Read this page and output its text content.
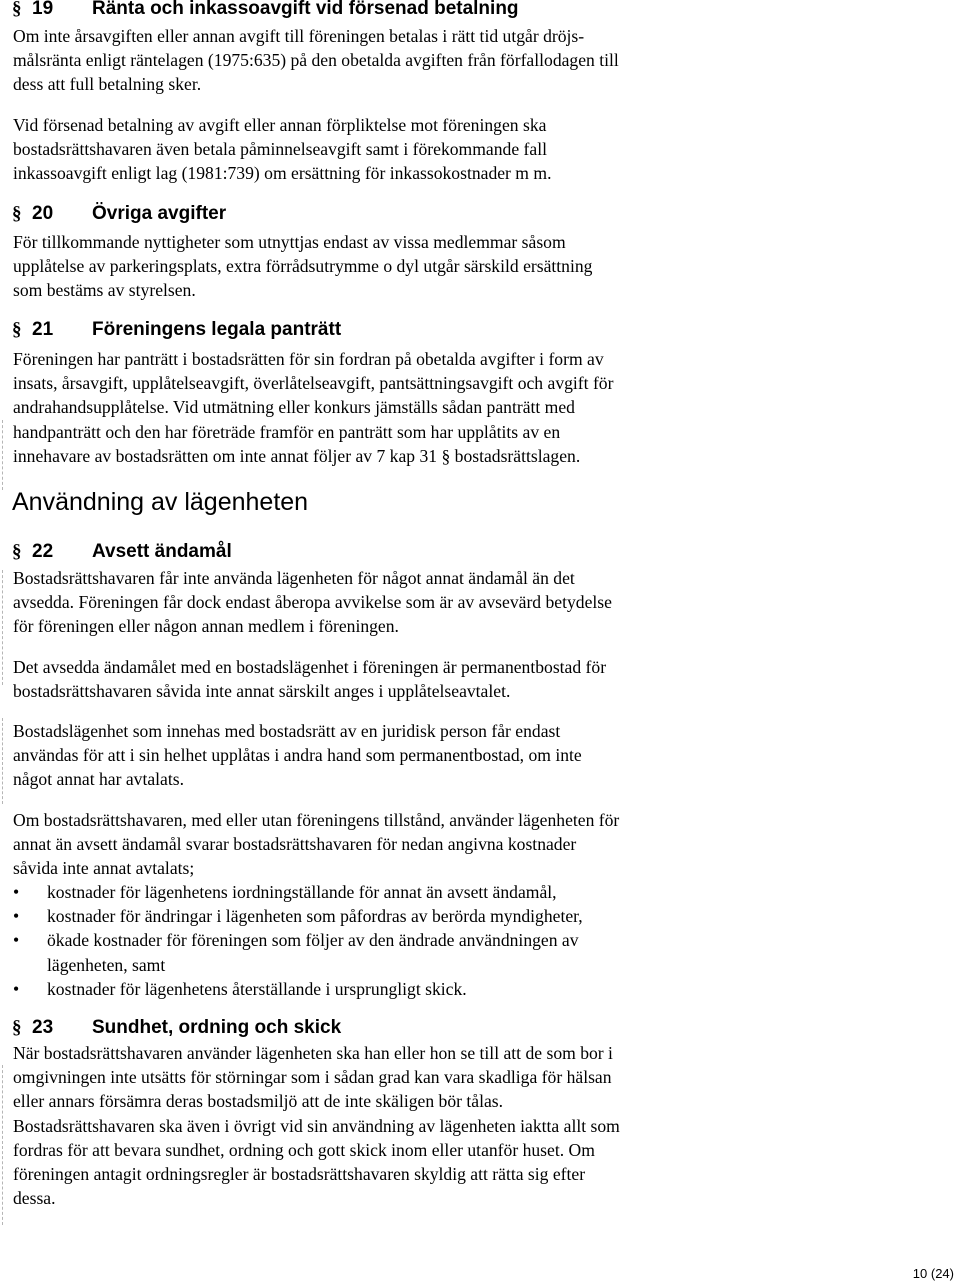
§ 19 Ränta och inkassoavgift vid försenad betalning
Om inte årsavgiften eller annan avgift till föreningen betalas i rätt tid utgår dröjs-
målsränta enligt räntelagen (1975:635) på den obetalda avgiften från förfallodagen till
dess att full betalning sker.
Vid försenad betalning av avgift eller annan förpliktelse mot föreningen ska
bostadsrättshavaren även betala påminnelseavgift samt i förekommande fall
inkassoavgift enligt lag (1981:739) om ersättning för inkassokostnader m m.
§ 20 Övriga avgifter
För tillkommande nyttigheter som utnyttjas endast av vissa medlemmar såsom
upplåtelse av parkeringsplats, extra förrådsutrymme o dyl utgår särskild ersättning
som bestäms av styrelsen.
§ 21 Föreningens legala panträtt
Föreningen har panträtt i bostadsrätten för sin fordran på obetalda avgifter i form av
insats, årsavgift, upplåtelseavgift, överlåtelseavgift, pantsättningsavgift och avgift för
andrahandsupplåtelse. Vid utmätning eller konkurs jämställs sådan panträtt med
handpanträtt och den har företräde framför en panträtt som har upplåtits av en
innehavare av bostadsrätten om inte annat följer av 7 kap 31 § bostadsrättslagen.
Användning av lägenheten
§ 22 Avsett ändamål
Bostadsrättshavaren får inte använda lägenheten för något annat ändamål än det
avsedda. Föreningen får dock endast åberopa avvikelse som är av avsevärd betydelse
för föreningen eller någon annan medlem i föreningen.
Det avsedda ändamålet med en bostadslägenhet i föreningen är permanentbostad för
bostadsrättshavaren såvida inte annat särskilt anges i upplåtelseavtalet.
Bostadslägenhet som innehas med bostadsrätt av en juridisk person får endast
användas för att i sin helhet upplåtas i andra hand som permanentbostad, om inte
något annat har avtalats.
Om bostadsrättshavaren, med eller utan föreningens tillstånd, använder lägenheten för
annat än avsett ändamål svarar bostadsrättshavaren för nedan angivna kostnader
såvida inte annat avtalats;
•	kostnader för lägenhetens iordningställande för annat än avsett ändamål,
•	kostnader för ändringar i lägenheten som påfordras av berörda myndigheter,
•	ökade kostnader för föreningen som följer av den ändrade användningen av
lägenheten, samt
•	kostnader för lägenhetens återställande i ursprungligt skick.
§ 23 Sundhet, ordning och skick
När bostadsrättshavaren använder lägenheten ska han eller hon se till att de som bor i
omgivningen inte utsätts för störningar som i sådan grad kan vara skadliga för hälsan
eller annars försämra deras bostadsmiljö att de inte skäligen bör tålas.
Bostadsrättshavaren ska även i övrigt vid sin användning av lägenheten iaktta allt som
fordras för att bevara sundhet, ordning och gott skick inom eller utanför huset. Om
föreningen antagit ordningsregler är bostadsrättshavaren skyldig att rätta sig efter
dessa.
10 (24)
